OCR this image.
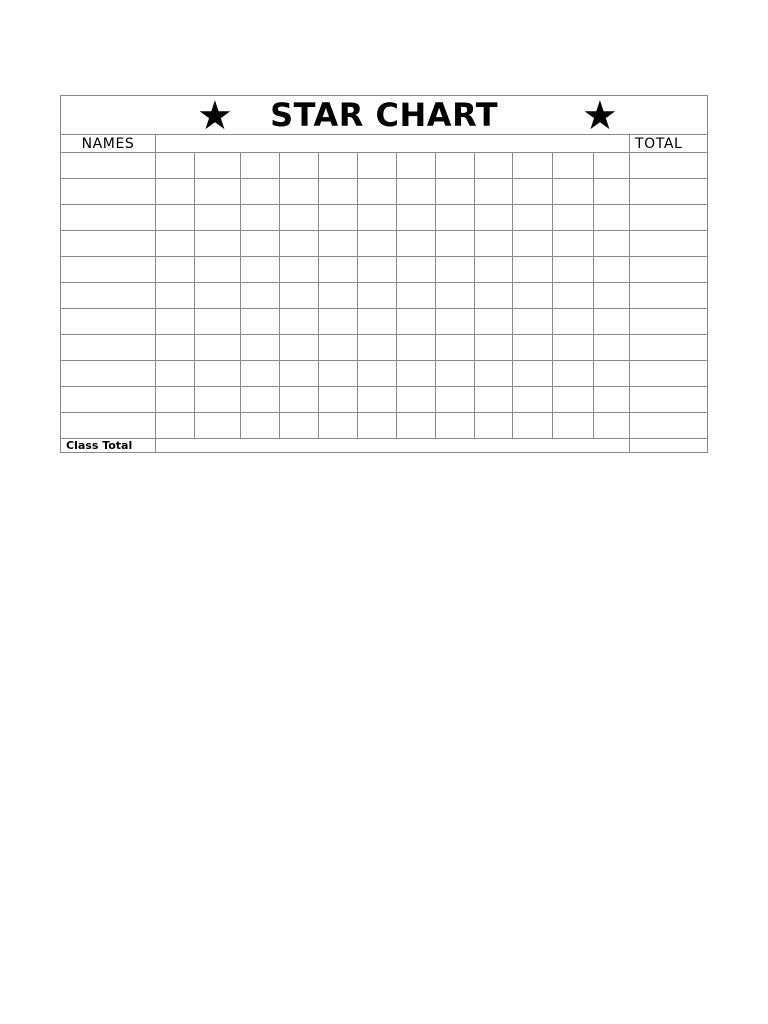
★ STAR CHART ★													

NAMES													TOTAL

Class Total													
